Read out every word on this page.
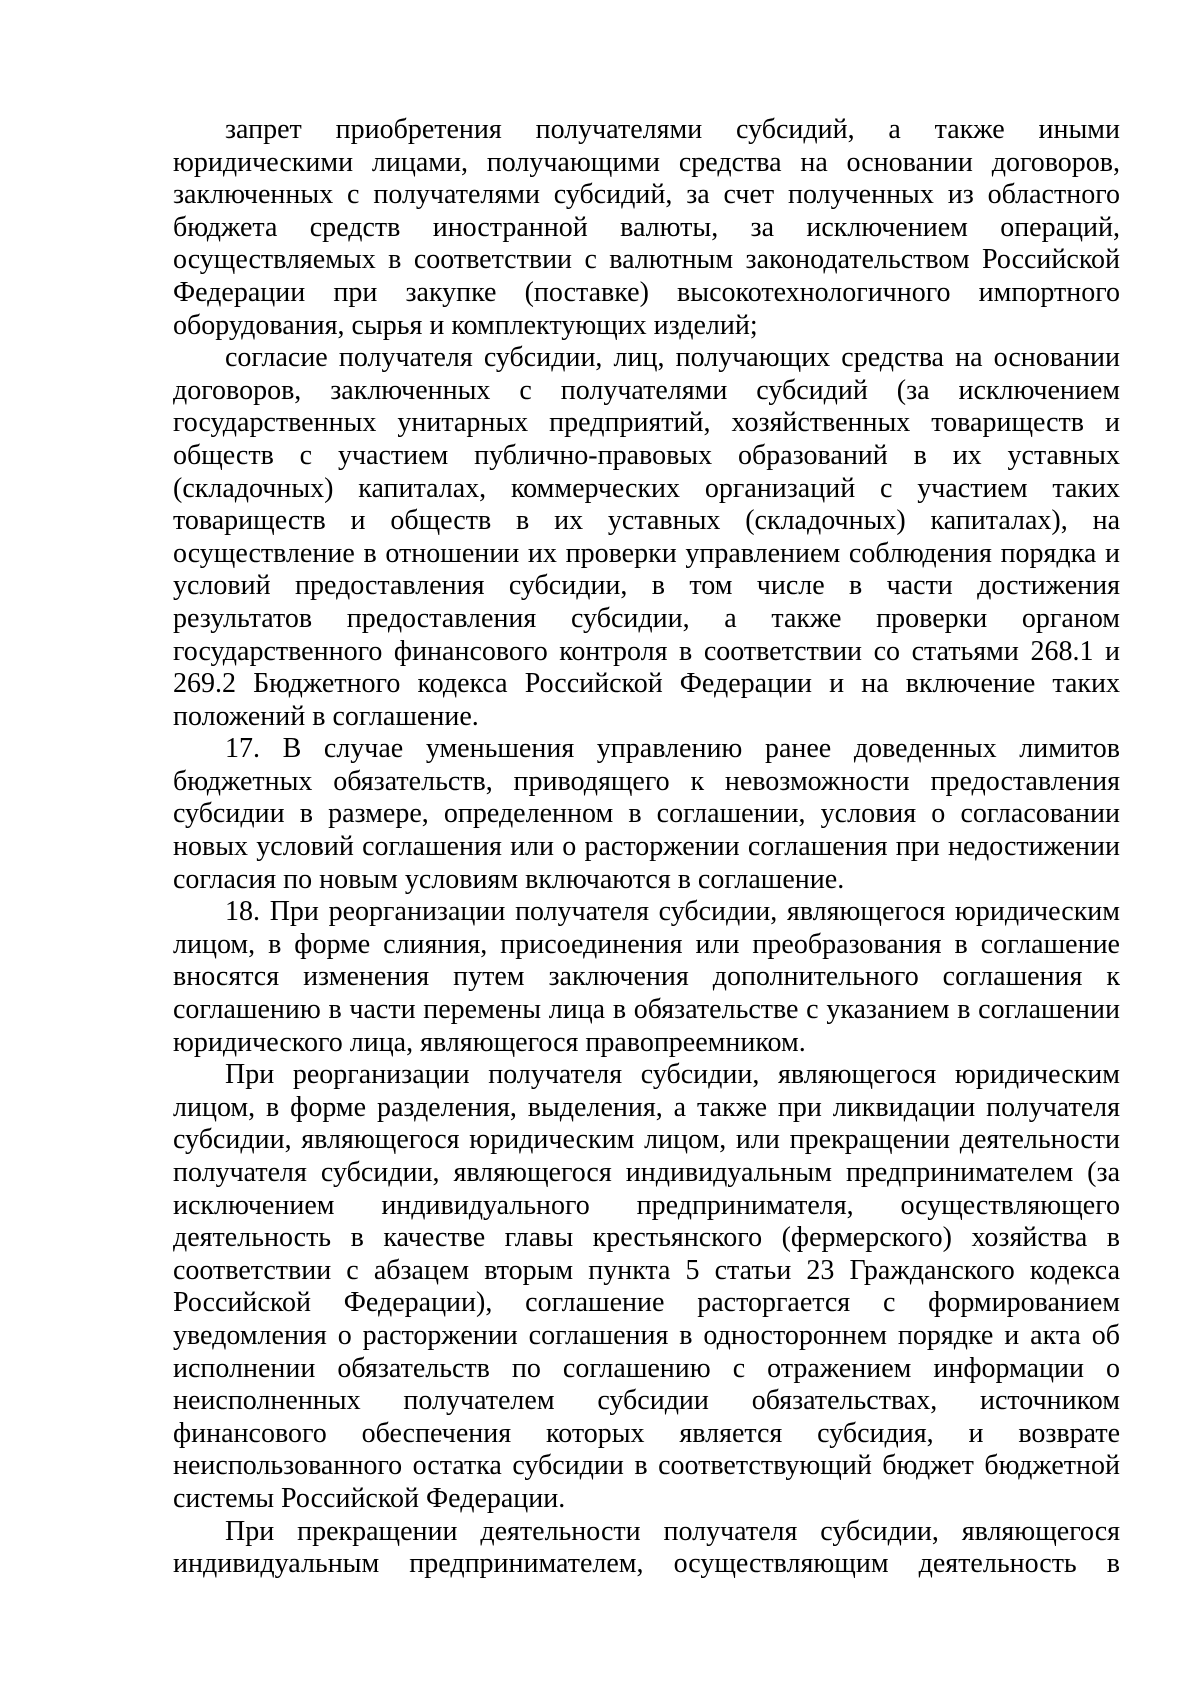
запрет приобретения получателями субсидий, а также иными юридическими лицами, получающими средства на основании договоров, заключенных с получателями субсидий, за счет полученных из областного бюджета средств иностранной валюты, за исключением операций, осуществляемых в соответствии с валютным законодательством Российской Федерации при закупке (поставке) высокотехнологичного импортного оборудования, сырья и комплектующих изделий;

согласие получателя субсидии, лиц, получающих средства на основании договоров, заключенных с получателями субсидий (за исключением государственных унитарных предприятий, хозяйственных товариществ и обществ с участием публично-правовых образований в их уставных (складочных) капиталах, коммерческих организаций с участием таких товариществ и обществ в их уставных (складочных) капиталах), на осуществление в отношении их проверки управлением соблюдения порядка и условий предоставления субсидии, в том числе в части достижения результатов предоставления субсидии, а также проверки органом государственного финансового контроля в соответствии со статьями 268.1 и 269.2 Бюджетного кодекса Российской Федерации и на включение таких положений в соглашение.

17. В случае уменьшения управлению ранее доведенных лимитов бюджетных обязательств, приводящего к невозможности предоставления субсидии в размере, определенном в соглашении, условия о согласовании новых условий соглашения или о расторжении соглашения при недостижении согласия по новым условиям включаются в соглашение.

18. При реорганизации получателя субсидии, являющегося юридическим лицом, в форме слияния, присоединения или преобразования в соглашение вносятся изменения путем заключения дополнительного соглашения к соглашению в части перемены лица в обязательстве с указанием в соглашении юридического лица, являющегося правопреемником.

При реорганизации получателя субсидии, являющегося юридическим лицом, в форме разделения, выделения, а также при ликвидации получателя субсидии, являющегося юридическим лицом, или прекращении деятельности получателя субсидии, являющегося индивидуальным предпринимателем (за исключением индивидуального предпринимателя, осуществляющего деятельность в качестве главы крестьянского (фермерского) хозяйства в соответствии с абзацем вторым пункта 5 статьи 23 Гражданского кодекса Российской Федерации), соглашение расторгается с формированием уведомления о расторжении соглашения в одностороннем порядке и акта об исполнении обязательств по соглашению с отражением информации о неисполненных получателем субсидии обязательствах, источником финансового обеспечения которых является субсидия, и возврате неиспользованного остатка субсидии в соответствующий бюджет бюджетной системы Российской Федерации.

При прекращении деятельности получателя субсидии, являющегося индивидуальным предпринимателем, осуществляющим деятельность в
